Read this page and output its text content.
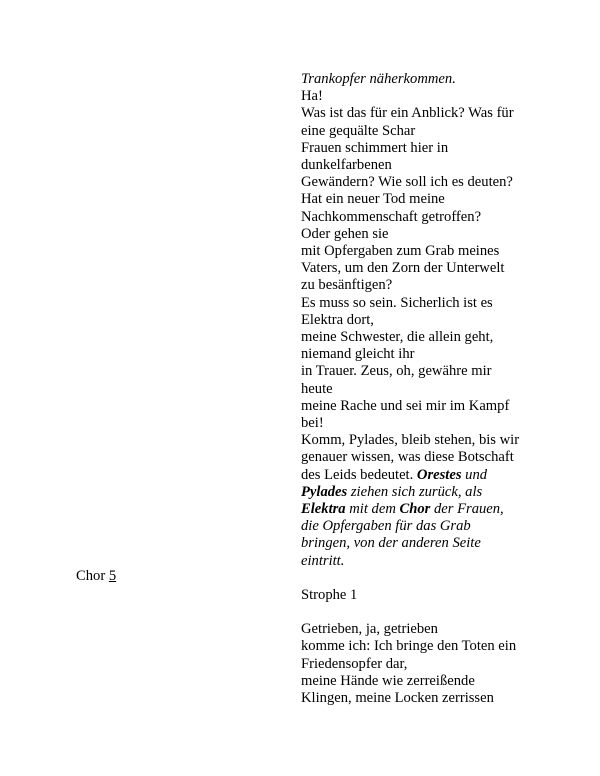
Trankopfer näherkommen.
Ha!
Was ist das für ein Anblick? Was für
eine gequälte Schar
Frauen schimmert hier in
dunkelfarbenen
Gewändern? Wie soll ich es deuten?
Hat ein neuer Tod meine
Nachkommenschaft getroffen?
Oder gehen sie
mit Opfergaben zum Grab meines
Vaters, um den Zorn der Unterwelt
zu besänftigen?
Es muss so sein. Sicherlich ist es
Elektra dort,
meine Schwester, die allein geht,
niemand gleicht ihr
in Trauer. Zeus, oh, gewähre mir
heute
meine Rache und sei mir im Kampf
bei!
Komm, Pylades, bleib stehen, bis wir
genauer wissen, was diese Botschaft
des Leids bedeutet. Orestes und
Pylades ziehen sich zurück, als
Elektra mit dem Chor der Frauen,
die Opfergaben für das Grab
bringen, von der anderen Seite
eintritt.
Strophe 1
Getrieben, ja, getrieben
komme ich: Ich bringe den Toten ein
Friedensopfer dar,
meine Hände wie zerreißende
Klingen, meine Locken zerrissen
Chor 5
